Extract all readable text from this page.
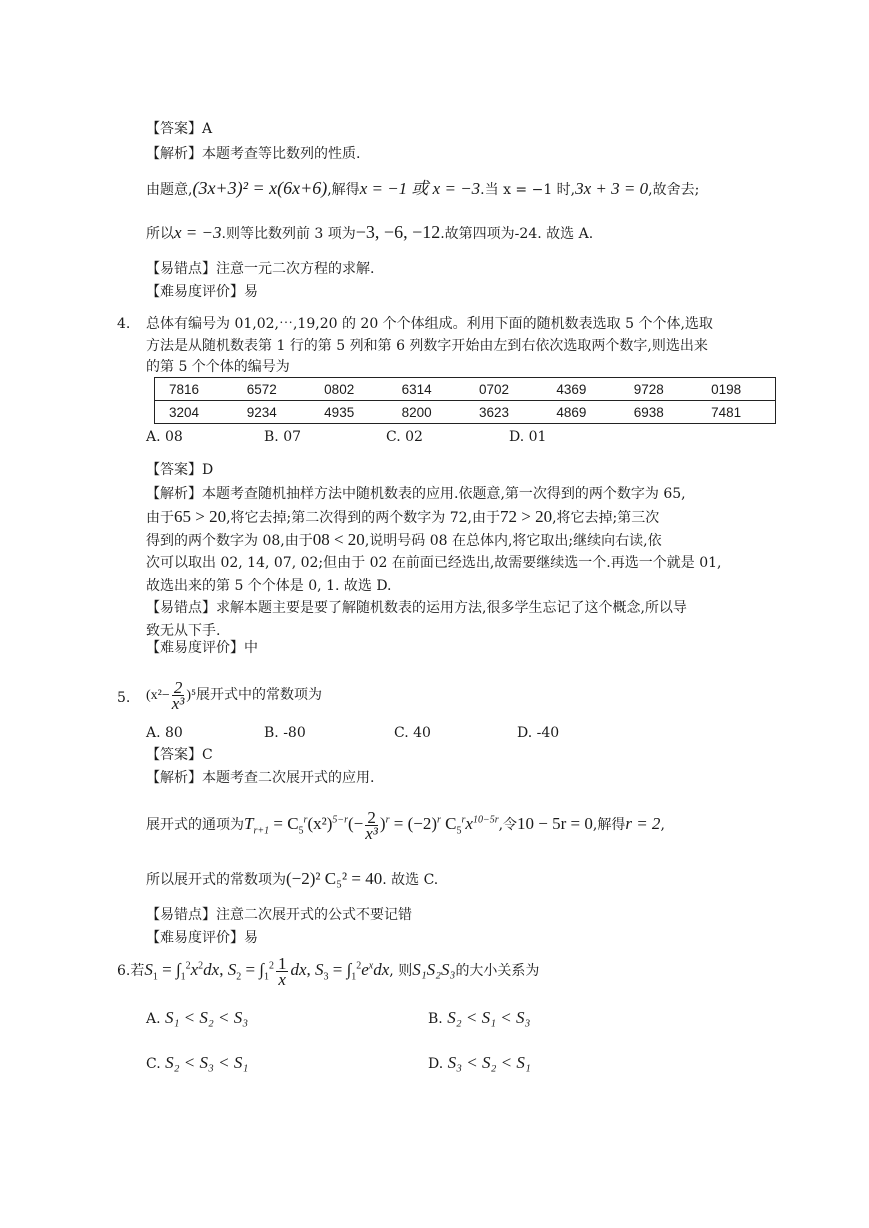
【答案】A
【解析】本题考查等比数列的性质.
由题意,(3x+3)² = x(6x+6),解得x = −1 或 x = −3.当 x = −1 时,3x + 3 = 0,故舍去;
所以x = −3.则等比数列前 3 项为−3, −6, −12.故第四项为-24. 故选 A.
【易错点】注意一元二次方程的求解.
【难易度评价】易
4. 总体有编号为 01,02,⋯,19,20 的 20 个个体组成。利用下面的随机数表选取 5 个个体,选取
方法是从随机数表第 1 行的第 5 列和第 6 列数字开始由左到右依次选取两个数字,则选出来
的第 5 个个体的编号为
7816	6572	0802	6314	0702	4369	9728	0198
3204	9234	4935	8200	3623	4869	6938	7481
A. 08	B. 07	C. 02	D. 01
【答案】D
【解析】本题考查随机抽样方法中随机数表的应用.依题意,第一次得到的两个数字为 65,
由于65 > 20,将它去掉;第二次得到的两个数字为 72,由于72 > 20,将它去掉;第三次
得到的两个数字为 08,由于08 < 20,说明号码 08 在总体内,将它取出;继续向右读,依
次可以取出 02, 14, 07, 02;但由于 02 在前面已经选出,故需要继续选一个.再选一个就是 01,
故选出来的第 5 个个体是 0, 1. 故选 D.
【易错点】求解本题主要是要了解随机数表的运用方法,很多学生忘记了这个概念,所以导
致无从下手.
【难易度评价】中
5. $(x^2- \frac{2}{\text{x³}} )^5$展开式中的常数项为
A. 80	B. -80	C. 40	D. -40
【答案】C
【解析】本题考查二次展开式的应用.
展开式的通项为$T_{r+1} = C_5^r(x^2)^{5-r}(- \frac{2}{\text{x³}} )^r = (-2)^r$ $C_5^rx^{10-5r}$,令10 − 5r = 0,解得r = 2,
所以展开式的常数项为(−2)² C₅² = 40. 故选 C.
【易错点】注意二次展开式的公式不要记错
【难易度评价】易
6.若$S_1 = \int_1^2x^2dx$, $S_2 = \int_1^2 \frac{1}{x}$ dx, $S_3 = \int_1^2e^xdx$, 则S₁S₂S₃的大小关系为
A. S₁ < S₂ < S₃	B. S₂ < S₁ < S₃
C. S₂ < S₃ < S₁	D. S₃ < S₂ < S₁
